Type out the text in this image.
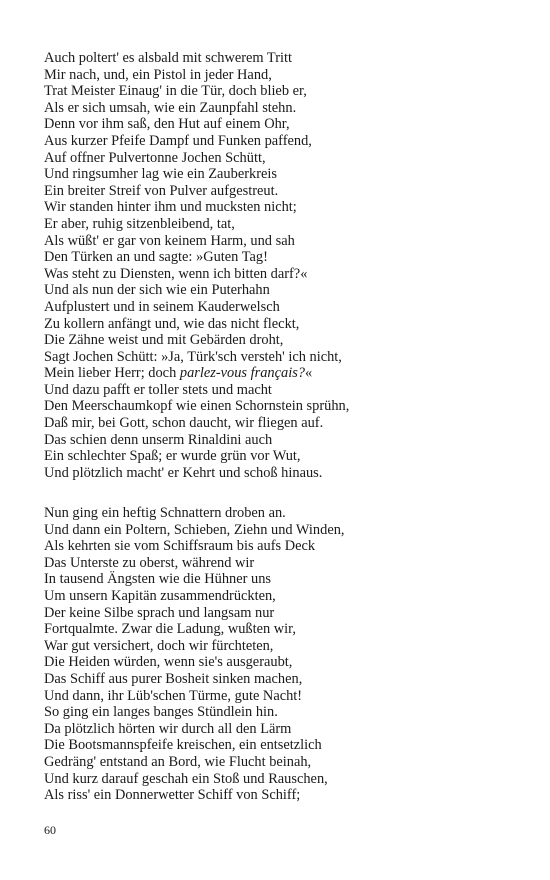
Auch poltert' es alsbald mit schwerem Tritt
Mir nach, und, ein Pistol in jeder Hand,
Trat Meister Einaug' in die Tür, doch blieb er,
Als er sich umsah, wie ein Zaunpfahl stehn.
Denn vor ihm saß, den Hut auf einem Ohr,
Aus kurzer Pfeife Dampf und Funken paffend,
Auf offner Pulvertonne Jochen Schütt,
Und ringsumher lag wie ein Zauberkreis
Ein breiter Streif von Pulver aufgestreut.
Wir standen hinter ihm und mucksten nicht;
Er aber, ruhig sitzenbleibend, tat,
Als wüßt' er gar von keinem Harm, und sah
Den Türken an und sagte: »Guten Tag!
Was steht zu Diensten, wenn ich bitten darf?«
Und als nun der sich wie ein Puterhahn
Aufplustert und in seinem Kauderwelsch
Zu kollern anfängt und, wie das nicht fleckt,
Die Zähne weist und mit Gebärden droht,
Sagt Jochen Schütt: »Ja, Türk'sch versteh' ich nicht,
Mein lieber Herr; doch parlez-vous français?«
Und dazu pafft er toller stets und macht
Den Meerschaumkopf wie einen Schornstein sprühn,
Daß mir, bei Gott, schon daucht, wir fliegen auf.
Das schien denn unserm Rinaldini auch
Ein schlechter Spaß; er wurde grün vor Wut,
Und plötzlich macht' er Kehrt und schoß hinaus.
Nun ging ein heftig Schnattern droben an.
Und dann ein Poltern, Schieben, Ziehn und Winden,
Als kehrten sie vom Schiffsraum bis aufs Deck
Das Unterste zu oberst, während wir
In tausend Ängsten wie die Hühner uns
Um unsern Kapitän zusammendrückten,
Der keine Silbe sprach und langsam nur
Fortqualmte. Zwar die Ladung, wußten wir,
War gut versichert, doch wir fürchteten,
Die Heiden würden, wenn sie's ausgeraubt,
Das Schiff aus purer Bosheit sinken machen,
Und dann, ihr Lüb'schen Türme, gute Nacht!
So ging ein langes banges Stündlein hin.
Da plötzlich hörten wir durch all den Lärm
Die Bootsmannspfeife kreischen, ein entsetzlich
Gedräng' entstand an Bord, wie Flucht beinah,
Und kurz darauf geschah ein Stoß und Rauschen,
Als riss' ein Donnerwetter Schiff von Schiff;
60
